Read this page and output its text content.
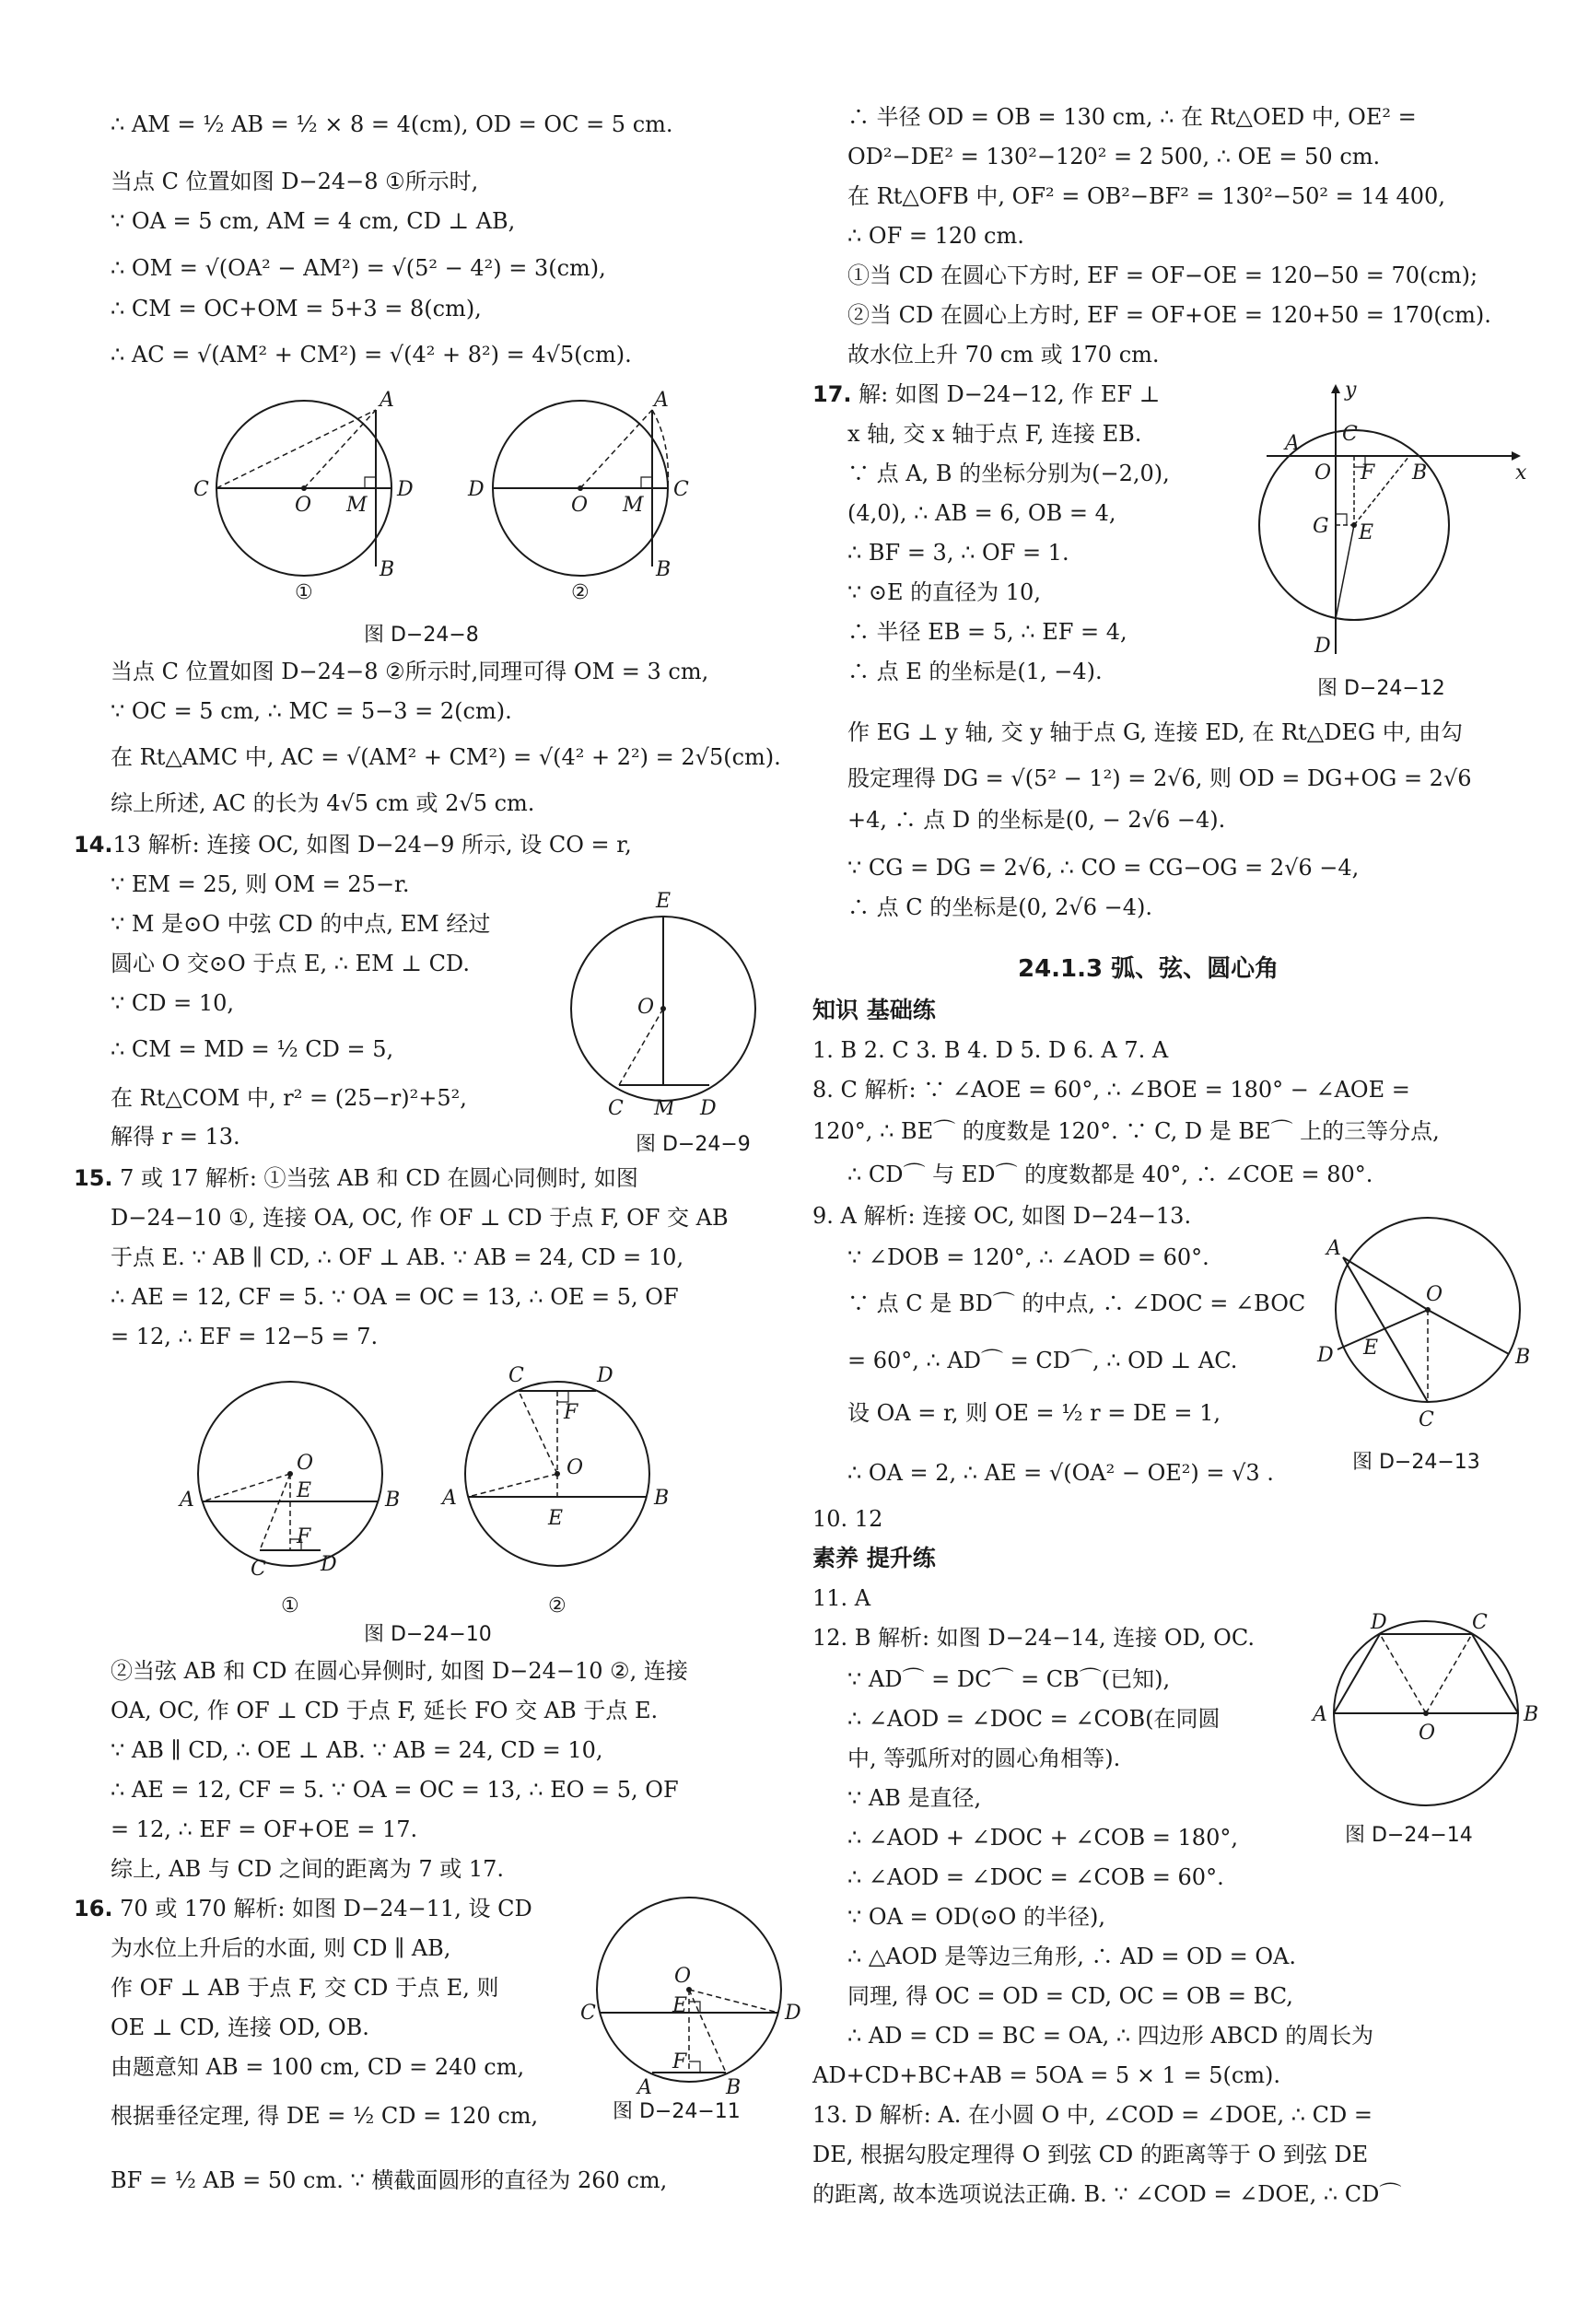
∴ AM = ½ AB = ½ × 8 = 4(cm), OD = OC = 5 cm.
当点 C 位置如图 D−24−8 ①所示时,
∵ OA = 5 cm, AM = 4 cm, CD ⊥ AB,
∴ OM = √(OA² − AM²) = √(5² − 4²) = 3(cm),
∴ CM = OC+OM = 5+3 = 8(cm),
∴ AC = √(AM² + CM²) = √(4² + 8²) = 4√5(cm).
A
C
O M
D
B
①
A
D
O M
C
B
②
图 D−24−8
当点 C 位置如图 D−24−8 ②所示时,同理可得 OM = 3 cm,
∵ OC = 5 cm, ∴ MC = 5−3 = 2(cm).
在 Rt△AMC 中, AC = √(AM² + CM²) = √(4² + 2²) = 2√5(cm).
综上所述, AC 的长为 4√5 cm 或 2√5 cm.
14.13 解析: 连接 OC, 如图 D−24−9 所示, 设 CO = r,
∵ EM = 25, 则 OM = 25−r.
∵ M 是⊙O 中弦 CD 的中点, EM 经过
圆心 O 交⊙O 于点 E, ∴ EM ⊥ CD.
∵ CD = 10,
∴ CM = MD = ½ CD = 5,
在 Rt△COM 中, r² = (25−r)²+5²,
解得 r = 13.
E
O
C M D
图 D−24−9
15. 7 或 17 解析: ①当弦 AB 和 CD 在圆心同侧时, 如图
D−24−10 ①, 连接 OA, OC, 作 OF ⊥ CD 于点 F, OF 交 AB
于点 E. ∵ AB ∥ CD, ∴ OF ⊥ AB. ∵ AB = 24, CD = 10,
∴ AE = 12, CF = 5. ∵ OA = OC = 13, ∴ OE = 5, OF
= 12, ∴ EF = 12−5 = 7.
O
E
F
A	B
C	D
①
C	D
F
O
A	B
E
②
图 D−24−10
②当弦 AB 和 CD 在圆心异侧时, 如图 D−24−10 ②, 连接
OA, OC, 作 OF ⊥ CD 于点 F, 延长 FO 交 AB 于点 E.
∵ AB ∥ CD, ∴ OE ⊥ AB. ∵ AB = 24, CD = 10,
∴ AE = 12, CF = 5. ∵ OA = OC = 13, ∴ EO = 5, OF
= 12, ∴ EF = OF+OE = 17.
综上, AB 与 CD 之间的距离为 7 或 17.
16. 70 或 170 解析: 如图 D−24−11, 设 CD
为水位上升后的水面, 则 CD ∥ AB,
作 OF ⊥ AB 于点 F, 交 CD 于点 E, 则
OE ⊥ CD, 连接 OD, OB.
由题意知 AB = 100 cm, CD = 240 cm,
根据垂径定理, 得 DE = ½ CD = 120 cm,
BF = ½ AB = 50 cm. ∵ 横截面圆形的直径为 260 cm,
O
E
C	D
F
A	B
图 D−24−11
∴ 半径 OD = OB = 130 cm, ∴ 在 Rt△OED 中, OE² =
OD²−DE² = 130²−120² = 2 500, ∴ OE = 50 cm.
在 Rt△OFB 中, OF² = OB²−BF² = 130²−50² = 14 400,
∴ OF = 120 cm.
①当 CD 在圆心下方时, EF = OF−OE = 120−50 = 70(cm);
②当 CD 在圆心上方时, EF = OF+OE = 120+50 = 170(cm).
故水位上升 70 cm 或 170 cm.
17. 解: 如图 D−24−12, 作 EF ⊥
x 轴, 交 x 轴于点 F, 连接 EB.
∵ 点 A, B 的坐标分别为(−2,0),
(4,0), ∴ AB = 6, OB = 4,
∴ BF = 3, ∴ OF = 1.
∵ ⊙E 的直径为 10,
∴ 半径 EB = 5, ∴ EF = 4,
∴ 点 E 的坐标是(1, −4).
y
x
A C
O F B
G E
D
图 D−24−12
作 EG ⊥ y 轴, 交 y 轴于点 G, 连接 ED, 在 Rt△DEG 中, 由勾
股定理得 DG = √(5² − 1²) = 2√6, 则 OD = DG+OG = 2√6
+4, ∴ 点 D 的坐标是(0, − 2√6 −4).
∵ CG = DG = 2√6, ∴ CO = CG−OG = 2√6 −4,
∴ 点 C 的坐标是(0, 2√6 −4).
24.1.3 弧、弦、圆心角
知识 基础练
1. B 2. C 3. B 4. D 5. D 6. A 7. A
8. C 解析: ∵ ∠AOE = 60°, ∴ ∠BOE = 180° − ∠AOE =
120°, ∴ BE⌒ 的度数是 120°. ∵ C, D 是 BE⌒ 上的三等分点,
∴ CD⌒ 与 ED⌒ 的度数都是 40°, ∴ ∠COE = 80°.
9. A 解析: 连接 OC, 如图 D−24−13.
∵ ∠DOB = 120°, ∴ ∠AOD = 60°.
∵ 点 C 是 BD⌒ 的中点, ∴ ∠DOC = ∠BOC
= 60°, ∴ AD⌒ = CD⌒, ∴ OD ⊥ AC.
设 OA = r, 则 OE = ½ r = DE = 1,
∴ OA = 2, ∴ AE = √(OA² − OE²) = √3 .
A
O
B
D E
C
图 D−24−13
10. 12
素养 提升练
11. A
12. B 解析: 如图 D−24−14, 连接 OD, OC.
∵ AD⌒ = DC⌒ = CB⌒(已知),
∴ ∠AOD = ∠DOC = ∠COB(在同圆
中, 等弧所对的圆心角相等).
∵ AB 是直径,
∴ ∠AOD + ∠DOC + ∠COB = 180°,
∴ ∠AOD = ∠DOC = ∠COB = 60°.
∵ OA = OD(⊙O 的半径),
∴ △AOD 是等边三角形, ∴ AD = OD = OA.
同理, 得 OC = OD = CD, OC = OB = BC,
∴ AD = CD = BC = OA, ∴ 四边形 ABCD 的周长为
AD+CD+BC+AB = 5OA = 5 × 1 = 5(cm).
13. D 解析: A. 在小圆 O 中, ∠COD = ∠DOE, ∴ CD =
DE, 根据勾股定理得 O 到弦 CD 的距离等于 O 到弦 DE
的距离, 故本选项说法正确. B. ∵ ∠COD = ∠DOE, ∴ CD⌒
D	C
A	B
O
图 D−24−14
